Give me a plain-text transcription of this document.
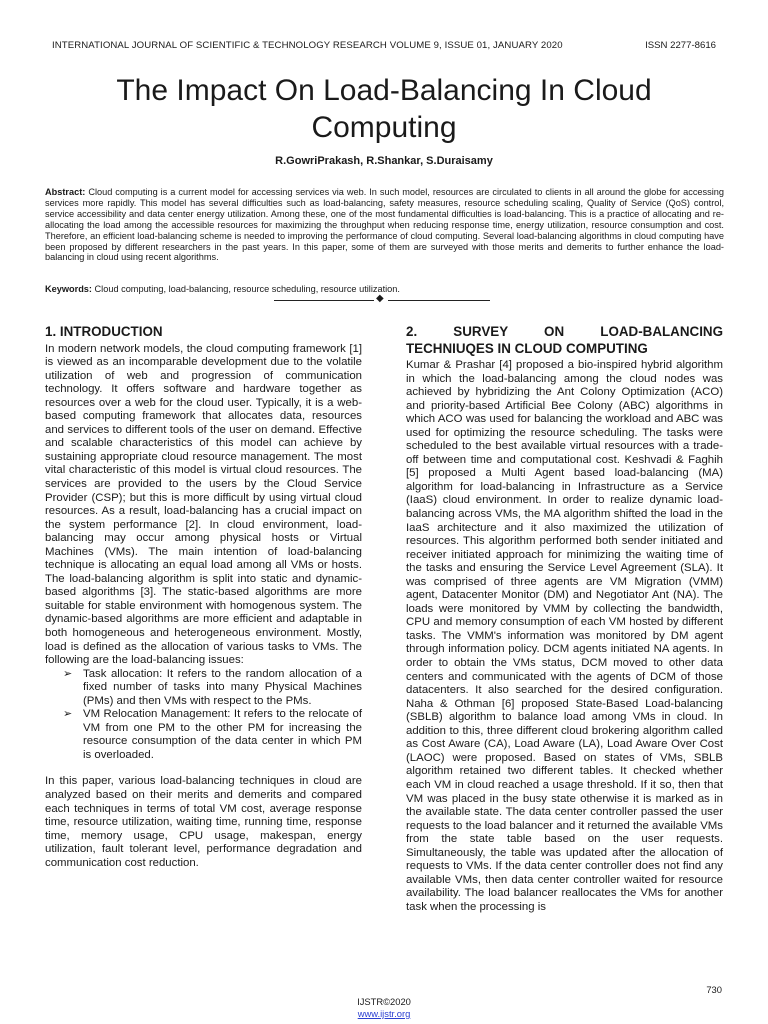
INTERNATIONAL JOURNAL OF SCIENTIFIC & TECHNOLOGY RESEARCH VOLUME 9, ISSUE 01, JANUARY 2020	ISSN 2277-8616
The Impact On Load-Balancing In Cloud Computing
R.GowriPrakash, R.Shankar, S.Duraisamy
Abstract: Cloud computing is a current model for accessing services via web. In such model, resources are circulated to clients in all around the globe for accessing services more rapidly. This model has several difficulties such as load-balancing, safety measures, resource scheduling scaling, Quality of Service (QoS) control, service accessibility and data center energy utilization. Among these, one of the most fundamental difficulties is load-balancing. This is a practice of allocating and re-allocating the load among the accessible resources for maximizing the throughput when reducing response time, energy utilization, resource consumption and cost. Therefore, an efficient load-balancing scheme is needed to improving the performance of cloud computing. Several load-balancing algorithms in cloud computing have been proposed by different researchers in the past years. In this paper, some of them are surveyed with those merits and demerits to further enhance the load-balancing in cloud using recent algorithms.
Keywords: Cloud computing, load-balancing, resource scheduling, resource utilization.
◆
1. INTRODUCTION

In modern network models, the cloud computing framework [1] is viewed as an incomparable development due to the volatile utilization of web and progression of communication technology. It offers software and hardware together as resources over a web for the cloud user. Typically, it is a web-based computing framework that allocates data, resources and services to different tools of the user on demand. Effective and scalable characteristics of this model can achieve by sustaining appropriate cloud resource management. The most vital characteristic of this model is virtual cloud resources. The services are provided to the users by the Cloud Service Provider (CSP); but this is more difficult by using virtual cloud resources. As a result, load-balancing has a crucial impact on the system performance [2]. In cloud environment, load-balancing may occur among physical hosts or Virtual Machines (VMs). The main intention of load-balancing technique is allocating an equal load among all VMs or hosts. The load-balancing algorithm is split into static and dynamic-based algorithms [3]. The static-based algorithms are more suitable for stable environment with homogenous system. The dynamic-based algorithms are more efficient and adaptable in both homogeneous and heterogeneous environment. Mostly, load is defined as the allocation of various tasks to VMs. The following are the load-balancing issues:

➢ Task allocation: It refers to the random allocation of a fixed number of tasks into many Physical Machines (PMs) and then VMs with respect to the PMs.
➢ VM Relocation Management: It refers to the relocate of VM from one PM to the other PM for increasing the resource consumption of the data center in which PM is overloaded.

In this paper, various load-balancing techniques in cloud are analyzed based on their merits and demerits and compared each techniques in terms of total VM cost, average response time, resource utilization, waiting time, running time, response time, memory usage, CPU usage, makespan, energy utilization, fault tolerant level, performance degradation and communication cost reduction.

2. SURVEY ON LOAD-BALANCING
TECHNIUQES IN CLOUD COMPUTING

Kumar & Prashar [4] proposed a bio-inspired hybrid algorithm in which the load-balancing among the cloud nodes was achieved by hybridizing the Ant Colony Optimization (ACO) and priority-based Artificial Bee Colony (ABC) algorithms in which ACO was used for balancing the workload and ABC was used for optimizing the resource scheduling. The tasks were scheduled to the best available virtual resources with a trade-off between time and computational cost. Keshvadi & Faghih [5] proposed a Multi Agent based load-balancing (MA) algorithm for load-balancing in Infrastructure as a Service (IaaS) cloud environment. In order to realize dynamic load-balancing across VMs, the MA algorithm shifted the load in the IaaS architecture and it also maximized the utilization of resources. This algorithm performed both sender initiated and receiver initiated approach for minimizing the waiting time of the tasks and ensuring the Service Level Agreement (SLA). It was comprised of three agents are VM Migration (VMM) agent, Datacenter Monitor (DM) and Negotiator Ant (NA). The loads were monitored by VMM by collecting the bandwidth, CPU and memory consumption of each VM hosted by different tasks. The VMM's information was monitored by DM agent through information policy. DCM agents initiated NA agents. In order to obtain the VMs status, DCM moved to other data centers and communicated with the agents of DCM of those datacenters. It also searched for the desired configuration. Naha & Othman [6] proposed State-Based Load-balancing (SBLB) algorithm to balance load among VMs in cloud. In addition to this, three different cloud brokering algorithm called as Cost Aware (CA), Load Aware (LA), Load Aware Over Cost (LAOC) were proposed. Based on states of VMs, SBLB algorithm retained two different tables. It checked whether each VM in cloud reached a usage threshold. If it so, then that VM was placed in the busy state otherwise it is marked as in the available state. The data center controller passed the user requests to the load balancer and it returned the available VMs from the state table based on the user requests. Simultaneously, the table was updated after the allocation of requests to VMs. If the data center controller does not find any available VMs, then data center controller waited for resource availability. The load balancer reallocates the VMs for another task when the processing is

730
IJSTR©2020
www.ijstr.org
